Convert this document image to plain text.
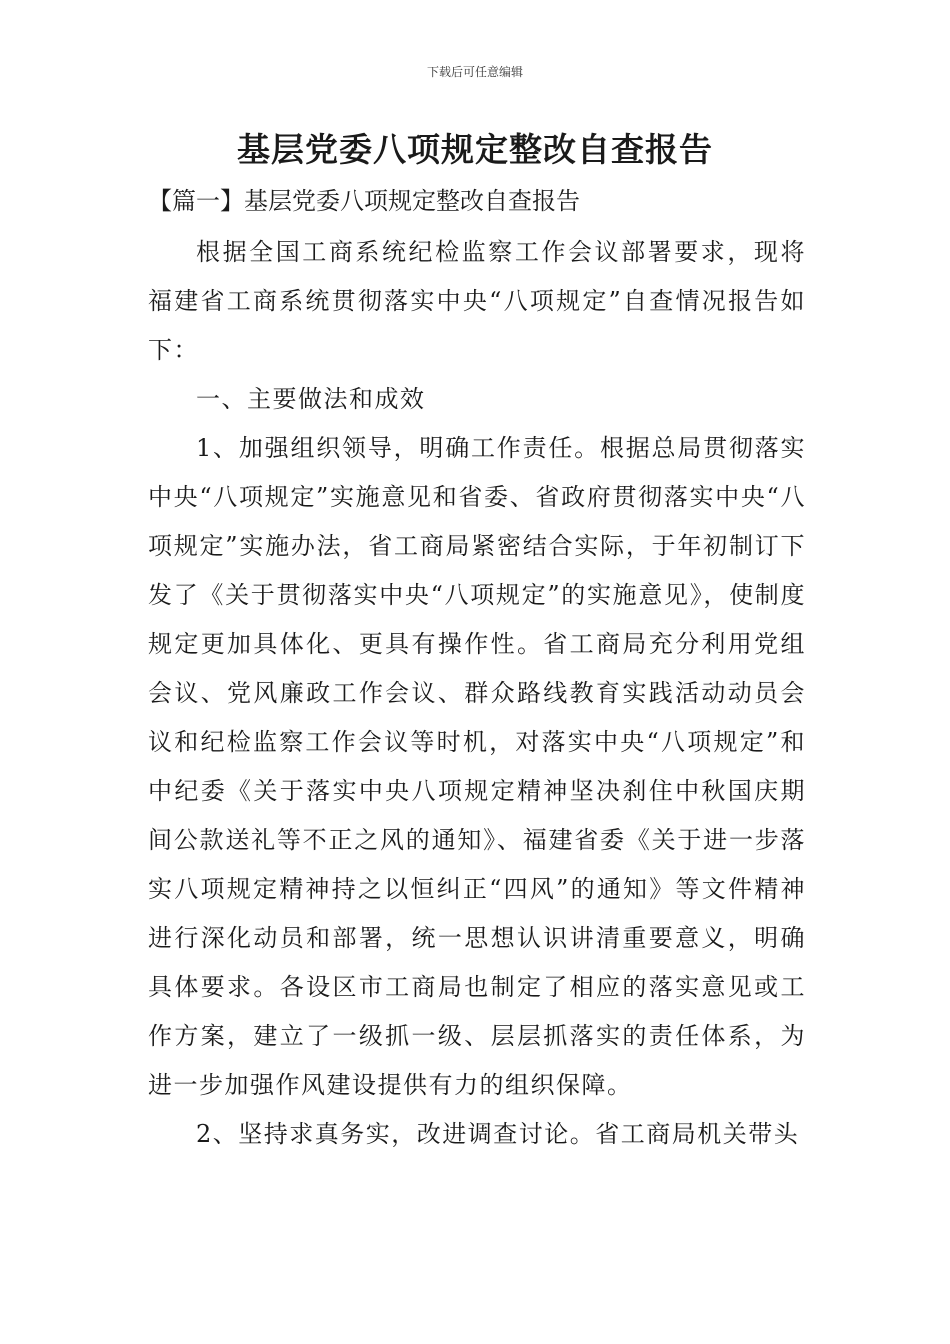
下载后可任意编辑
基层党委八项规定整改自查报告
【篇一】基层党委八项规定整改自查报告

根据全国工商系统纪检监察工作会议部署要求，现将福建省工商系统贯彻落实中央“八项规定”自查情况报告如下：

一、主要做法和成效

1、加强组织领导，明确工作责任。根据总局贯彻落实中央“八项规定”实施意见和省委、省政府贯彻落实中央“八项规定”实施办法，省工商局紧密结合实际，于年初制订下发了《关于贯彻落实中央“八项规定”的实施意见》，使制度规定更加具体化、更具有操作性。省工商局充分利用党组会议、党风廉政工作会议、群众路线教育实践活动动员会议和纪检监察工作会议等时机，对落实中央“八项规定”和中纪委《关于落实中央八项规定精神坚决刹住中秋国庆期间公款送礼等不正之风的通知》、福建省委《关于进一步落实八项规定精神持之以恒纠正“四风”的通知》等文件精神进行深化动员和部署，统一思想认识讲清重要意义，明确具体要求。各设区市工商局也制定了相应的落实意见或工作方案，建立了一级抓一级、层层抓落实的责任体系，为进一步加强作风建设提供有力的组织保障。

2、坚持求真务实，改进调查讨论。省工商局机关带头
